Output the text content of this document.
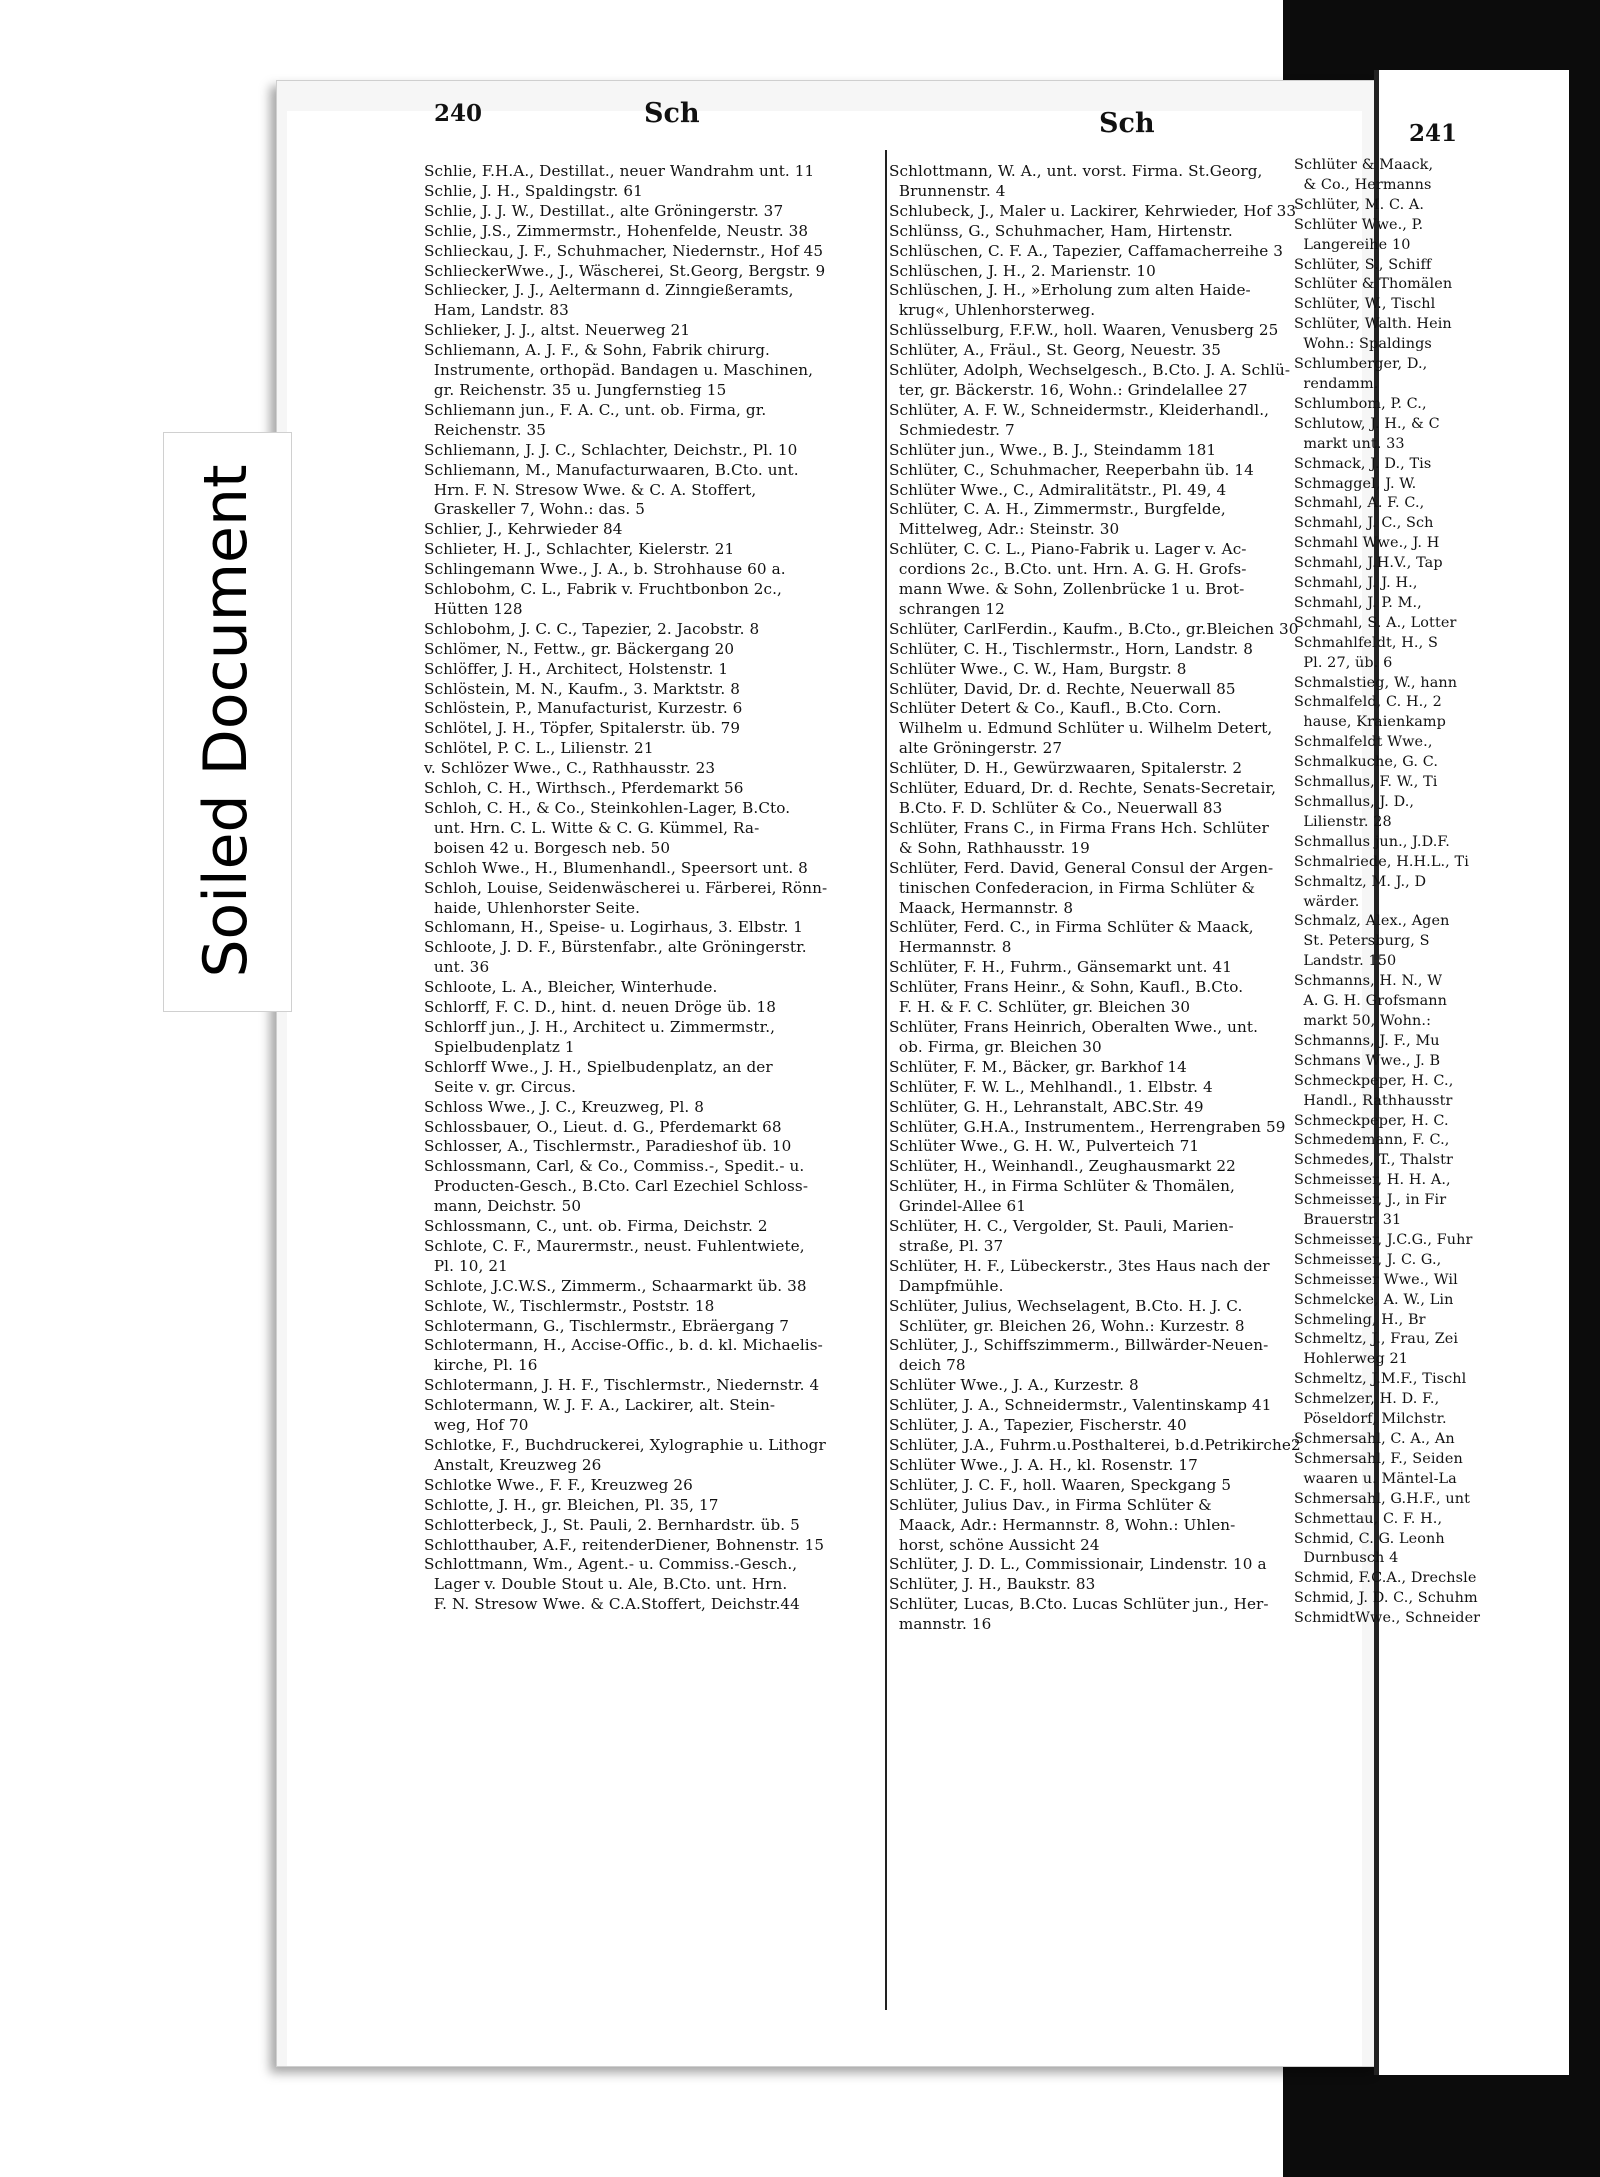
240	Sch	Sch	241
Schlie, F.H.A., Destillat., neuer Wandrahm unt. 11
Schlie, J. H., Spaldingstr. 61
Schlie, J. J. W., Destillat., alte Gröningerstr. 37
Schlie, J.S., Zimmermstr., Hohenfelde, Neustr. 38
Schlieckau, J. F., Schuhmacher, Niedernstr., Hof 45
SchlieckerWwe., J., Wäscherei, St.Georg, Bergstr. 9
Schliecker, J. J., Aeltermann d. Zinngießeramts,
Ham, Landstr. 83
Schlieker, J. J., altst. Neuerweg 21
Schliemann, A. J. F., & Sohn, Fabrik chirurg.
Instrumente, orthopäd. Bandagen u. Maschinen,
gr. Reichenstr. 35 u. Jungfernstieg 15
Schliemann jun., F. A. C., unt. ob. Firma, gr.
Reichenstr. 35
Schliemann, J. J. C., Schlachter, Deichstr., Pl. 10
Schliemann, M., Manufacturwaaren, B.Cto. unt.
Hrn. F. N. Stresow Wwe. & C. A. Stoffert,
Graskeller 7, Wohn.: das. 5
Schlier, J., Kehrwieder 84
Schlieter, H. J., Schlachter, Kielerstr. 21
Schlingemann Wwe., J. A., b. Strohhause 60 a.
Schlobohm, C. L., Fabrik v. Fruchtbonbon 2c.,
Hütten 128
Schlobohm, J. C. C., Tapezier, 2. Jacobstr. 8
Schlömer, N., Fettw., gr. Bäckergang 20
Schlöffer, J. H., Architect, Holstenstr. 1
Schlöstein, M. N., Kaufm., 3. Marktstr. 8
Schlöstein, P., Manufacturist, Kurzestr. 6
Schlötel, J. H., Töpfer, Spitalerstr. üb. 79
Schlötel, P. C. L., Lilienstr. 21
v. Schlözer Wwe., C., Rathhausstr. 23
Schloh, C. H., Wirthsch., Pferdemarkt 56
Schloh, C. H., & Co., Steinkohlen-Lager, B.Cto.
unt. Hrn. C. L. Witte & C. G. Kümmel, Ra-
boisen 42 u. Borgesch neb. 50
Schloh Wwe., H., Blumenhandl., Speersort unt. 8
Schloh, Louise, Seidenwäscherei u. Färberei, Rönn-
haide, Uhlenhorster Seite.
Schlomann, H., Speise- u. Logirhaus, 3. Elbstr. 1
Schloote, J. D. F., Bürstenfabr., alte Gröningerstr.
unt. 36
Schloote, L. A., Bleicher, Winterhude.
Schlorff, F. C. D., hint. d. neuen Dröge üb. 18
Schlorff jun., J. H., Architect u. Zimmermstr.,
Spielbudenplatz 1
Schlorff Wwe., J. H., Spielbudenplatz, an der
Seite v. gr. Circus.
Schloss Wwe., J. C., Kreuzweg, Pl. 8
Schlossbauer, O., Lieut. d. G., Pferdemarkt 68
Schlosser, A., Tischlermstr., Paradieshof üb. 10
Schlossmann, Carl, & Co., Commiss.-, Spedit.- u.
Producten-Gesch., B.Cto. Carl Ezechiel Schloss-
mann, Deichstr. 50
Schlossmann, C., unt. ob. Firma, Deichstr. 2
Schlote, C. F., Maurermstr., neust. Fuhlentwiete,
Pl. 10, 21
Schlote, J.C.W.S., Zimmerm., Schaarmarkt üb. 38
Schlote, W., Tischlermstr., Poststr. 18
Schlotermann, G., Tischlermstr., Ebräergang 7
Schlotermann, H., Accise-Offic., b. d. kl. Michaelis-
kirche, Pl. 16
Schlotermann, J. H. F., Tischlermstr., Niedernstr. 4
Schlotermann, W. J. F. A., Lackirer, alt. Stein-
weg, Hof 70
Schlotke, F., Buchdruckerei, Xylographie u. Lithogr
Anstalt, Kreuzweg 26
Schlotke Wwe., F. F., Kreuzweg 26
Schlotte, J. H., gr. Bleichen, Pl. 35, 17
Schlotterbeck, J., St. Pauli, 2. Bernhardstr. üb. 5
Schlotthauber, A.F., reitenderDiener, Bohnenstr. 15
Schlottmann, Wm., Agent.- u. Commiss.-Gesch.,
Lager v. Double Stout u. Ale, B.Cto. unt. Hrn.
F. N. Stresow Wwe. & C.A.Stoffert, Deichstr.44
Schlottmann, W. A., unt. vorst. Firma. St.Georg,
Brunnenstr. 4
Schlubeck, J., Maler u. Lackirer, Kehrwieder, Hof 33
Schlünss, G., Schuhmacher, Ham, Hirtenstr.
Schlüschen, C. F. A., Tapezier, Caffamacherreihe 3
Schlüschen, J. H., 2. Marienstr. 10
Schlüschen, J. H., »Erholung zum alten Haide-
krug«, Uhlenhorsterweg.
Schlüsselburg, F.F.W., holl. Waaren, Venusberg 25
Schlüter, A., Fräul., St. Georg, Neuestr. 35
Schlüter, Adolph, Wechselgesch., B.Cto. J. A. Schlü-
ter, gr. Bäckerstr. 16, Wohn.: Grindelallee 27
Schlüter, A. F. W., Schneidermstr., Kleiderhandl.,
Schmiedestr. 7
Schlüter jun., Wwe., B. J., Steindamm 181
Schlüter, C., Schuhmacher, Reeperbahn üb. 14
Schlüter Wwe., C., Admiralitätstr., Pl. 49, 4
Schlüter, C. A. H., Zimmermstr., Burgfelde,
Mittelweg, Adr.: Steinstr. 30
Schlüter, C. C. L., Piano-Fabrik u. Lager v. Ac-
cordions 2c., B.Cto. unt. Hrn. A. G. H. Grofs-
mann Wwe. & Sohn, Zollenbrücke 1 u. Brot-
schrangen 12
Schlüter, CarlFerdin., Kaufm., B.Cto., gr.Bleichen 30
Schlüter, C. H., Tischlermstr., Horn, Landstr. 8
Schlüter Wwe., C. W., Ham, Burgstr. 8
Schlüter, David, Dr. d. Rechte, Neuerwall 85
Schlüter Detert & Co., Kaufl., B.Cto. Corn.
Wilhelm u. Edmund Schlüter u. Wilhelm Detert,
alte Gröningerstr. 27
Schlüter, D. H., Gewürzwaaren, Spitalerstr. 2
Schlüter, Eduard, Dr. d. Rechte, Senats-Secretair,
B.Cto. F. D. Schlüter & Co., Neuerwall 83
Schlüter, Frans C., in Firma Frans Hch. Schlüter
& Sohn, Rathhausstr. 19
Schlüter, Ferd. David, General Consul der Argen-
tinischen Confederacion, in Firma Schlüter &
Maack, Hermannstr. 8
Schlüter, Ferd. C., in Firma Schlüter & Maack,
Hermannstr. 8
Schlüter, F. H., Fuhrm., Gänsemarkt unt. 41
Schlüter, Frans Heinr., & Sohn, Kaufl., B.Cto.
F. H. & F. C. Schlüter, gr. Bleichen 30
Schlüter, Frans Heinrich, Oberalten Wwe., unt.
ob. Firma, gr. Bleichen 30
Schlüter, F. M., Bäcker, gr. Barkhof 14
Schlüter, F. W. L., Mehlhandl., 1. Elbstr. 4
Schlüter, G. H., Lehranstalt, ABC.Str. 49
Schlüter, G.H.A., Instrumentem., Herrengraben 59
Schlüter Wwe., G. H. W., Pulverteich 71
Schlüter, H., Weinhandl., Zeughausmarkt 22
Schlüter, H., in Firma Schlüter & Thomälen,
Grindel-Allee 61
Schlüter, H. C., Vergolder, St. Pauli, Marien-
straße, Pl. 37
Schlüter, H. F., Lübeckerstr., 3tes Haus nach der
Dampfmühle.
Schlüter, Julius, Wechselagent, B.Cto. H. J. C.
Schlüter, gr. Bleichen 26, Wohn.: Kurzestr. 8
Schlüter, J., Schiffszimmerm., Billwärder-Neuen-
deich 78
Schlüter Wwe., J. A., Kurzestr. 8
Schlüter, J. A., Schneidermstr., Valentinskamp 41
Schlüter, J. A., Tapezier, Fischerstr. 40
Schlüter, J.A., Fuhrm.u.Posthalterei, b.d.Petrikirche2
Schlüter Wwe., J. A. H., kl. Rosenstr. 17
Schlüter, J. C. F., holl. Waaren, Speckgang 5
Schlüter, Julius Dav., in Firma Schlüter &
Maack, Adr.: Hermannstr. 8, Wohn.: Uhlen-
horst, schöne Aussicht 24
Schlüter, J. D. L., Commissionair, Lindenstr. 10 a
Schlüter, J. H., Baukstr. 83
Schlüter, Lucas, B.Cto. Lucas Schlüter jun., Her-
mannstr. 16
Schlüter & Maack,
& Co., Hermanns
Schlüter, M. C. A.
Schlüter Wwe., P.
Langereihe 10
Schlüter, S., Schiff
Schlüter & Thomälen
Schlüter, W., Tischl
Schlüter, Walth. Hein
Wohn.: Spaldings
Schlumberger, D.,
rendamm.
Schlumbom, P. C.,
Schlutow, J. H., & C
markt unt. 33
Schmack, J. D., Tis
Schmaggel, J. W.
Schmahl, A. F. C.,
Schmahl, J. C., Sch
Schmahl Wwe., J. H
Schmahl, J.H.V., Tap
Schmahl, J. J. H.,
Schmahl, J. P. M.,
Schmahl, S. A., Lotter
Schmahlfeldt, H., S
Pl. 27, üb. 6
Schmalstieg, W., hann
Schmalfeld, C. H., 2
hause, Kraienkamp
Schmalfeldt Wwe.,
Schmalkuche, G. C.
Schmallus, F. W., Ti
Schmallus, J. D.,
Lilienstr. 28
Schmallus jun., J.D.F.
Schmalriede, H.H.L., Ti
Schmaltz, M. J., D
wärder.
Schmalz, Alex., Agen
St. Petersburg, S
Landstr. 150
Schmanns, H. N., W
A. G. H. Grofsmann
markt 50, Wohn.:
Schmanns, J. F., Mu
Schmans Wwe., J. B
Schmeckpeper, H. C.,
Handl., Rathhausstr
Schmeckpeper, H. C.
Schmedemann, F. C.,
Schmedes, T., Thalstr
Schmeisser, H. H. A.,
Schmeisser, J., in Fir
Brauerstr. 31
Schmeisser, J.C.G., Fuhr
Schmeisser, J. C. G.,
Schmeisser Wwe., Wil
Schmelcke, A. W., Lin
Schmeling, H., Br
Schmeltz, J., Frau, Zei
Hohlerweg 21
Schmeltz, J.M.F., Tischl
Schmelzer, H. D. F.,
Pöseldorf, Milchstr.
Schmersahl, C. A., An
Schmersahl, F., Seiden
waaren u. Mäntel-La
Schmersahl, G.H.F., unt
Schmettau, C. F. H.,
Schmid, C. G. Leonh
Durnbusch 4
Schmid, F.C.A., Drechsle
Schmid, J. D. C., Schuhm
SchmidtWwe., Schneider
Soiled Document
